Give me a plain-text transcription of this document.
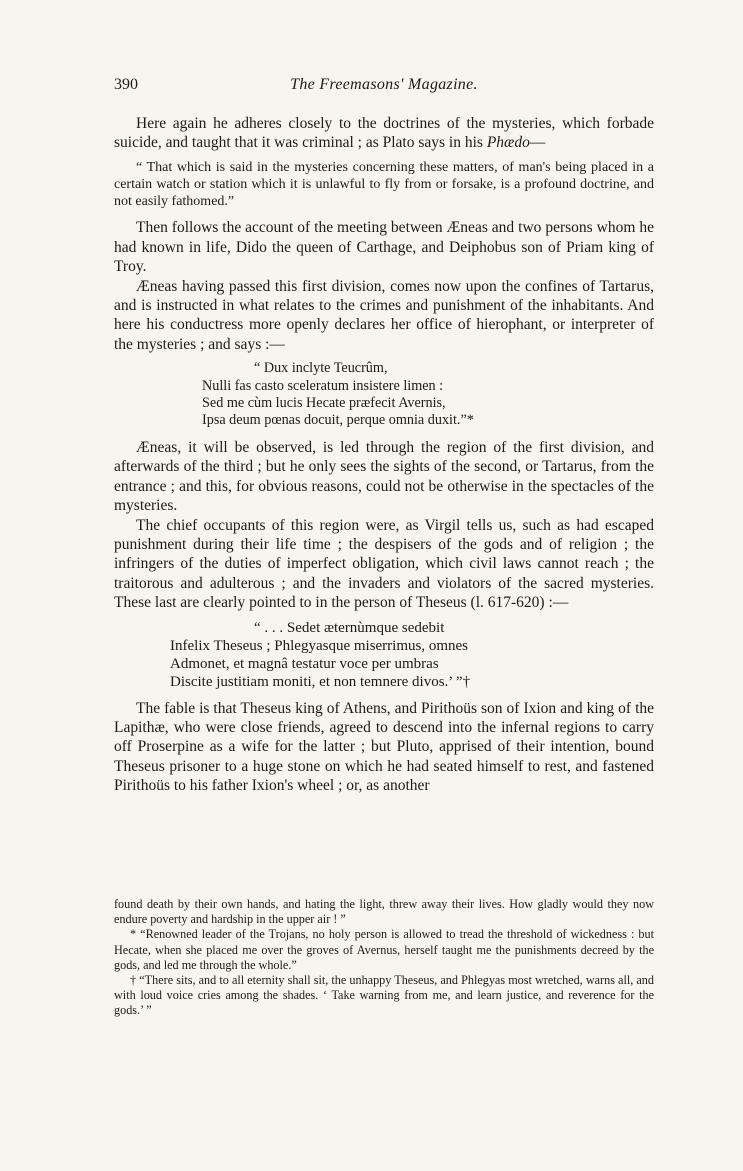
390	The Freemasons' Magazine.

Here again he adheres closely to the doctrines of the mysteries, which forbade suicide, and taught that it was criminal ; as Plato says in his Phædo—

“ That which is said in the mysteries concerning these matters, of man's being placed in a certain watch or station which it is unlawful to fly from or forsake, is a profound doctrine, and not easily fathomed.”

Then follows the account of the meeting between Æneas and two persons whom he had known in life, Dido the queen of Carthage, and Deiphobus son of Priam king of Troy.

Æneas having passed this first division, comes now upon the confines of Tartarus, and is instructed in what relates to the crimes and punishment of the inhabitants. And here his conductress more openly declares her office of hierophant, or interpreter of the mysteries ; and says :—

“ Dux inclyte Teucrûm,
Nulli fas casto sceleratum insistere limen :
Sed me cùm lucis Hecate præfecit Avernis,
Ipsa deum pœnas docuit, perque omnia duxit.”*

Æneas, it will be observed, is led through the region of the first division, and afterwards of the third ; but he only sees the sights of the second, or Tartarus, from the entrance ; and this, for obvious reasons, could not be otherwise in the spectacles of the mysteries.

The chief occupants of this region were, as Virgil tells us, such as had escaped punishment during their life time ; the despisers of the gods and of religion ; the infringers of the duties of imperfect obligation, which civil laws cannot reach ; the traitorous and adulterous ; and the invaders and violators of the sacred mysteries. These last are clearly pointed to in the person of Theseus (l. 617-620) :—

“ . . . Sedet æternùmque sedebit
Infelix Theseus ; Phlegyasque miserrimus, omnes
Admonet, et magnâ testatur voce per umbras
Discite justitiam moniti, et non temnere divos.’ ”†

The fable is that Theseus king of Athens, and Pirithoüs son of Ixion and king of the Lapithæ, who were close friends, agreed to descend into the infernal regions to carry off Proserpine as a wife for the latter ; but Pluto, apprised of their intention, bound Theseus prisoner to a huge stone on which he had seated himself to rest, and fastened Pirithoüs to his father Ixion's wheel ; or, as another

found death by their own hands, and hating the light, threw away their lives. How gladly would they now endure poverty and hardship in the upper air ! ”

* “Renowned leader of the Trojans, no holy person is allowed to tread the threshold of wickedness : but Hecate, when she placed me over the groves of Avernus, herself taught me the punishments decreed by the gods, and led me through the whole.”

† “There sits, and to all eternity shall sit, the unhappy Theseus, and Phlegyas most wretched, warns all, and with loud voice cries among the shades. ‘ Take warning from me, and learn justice, and reverence for the gods.’ ”
